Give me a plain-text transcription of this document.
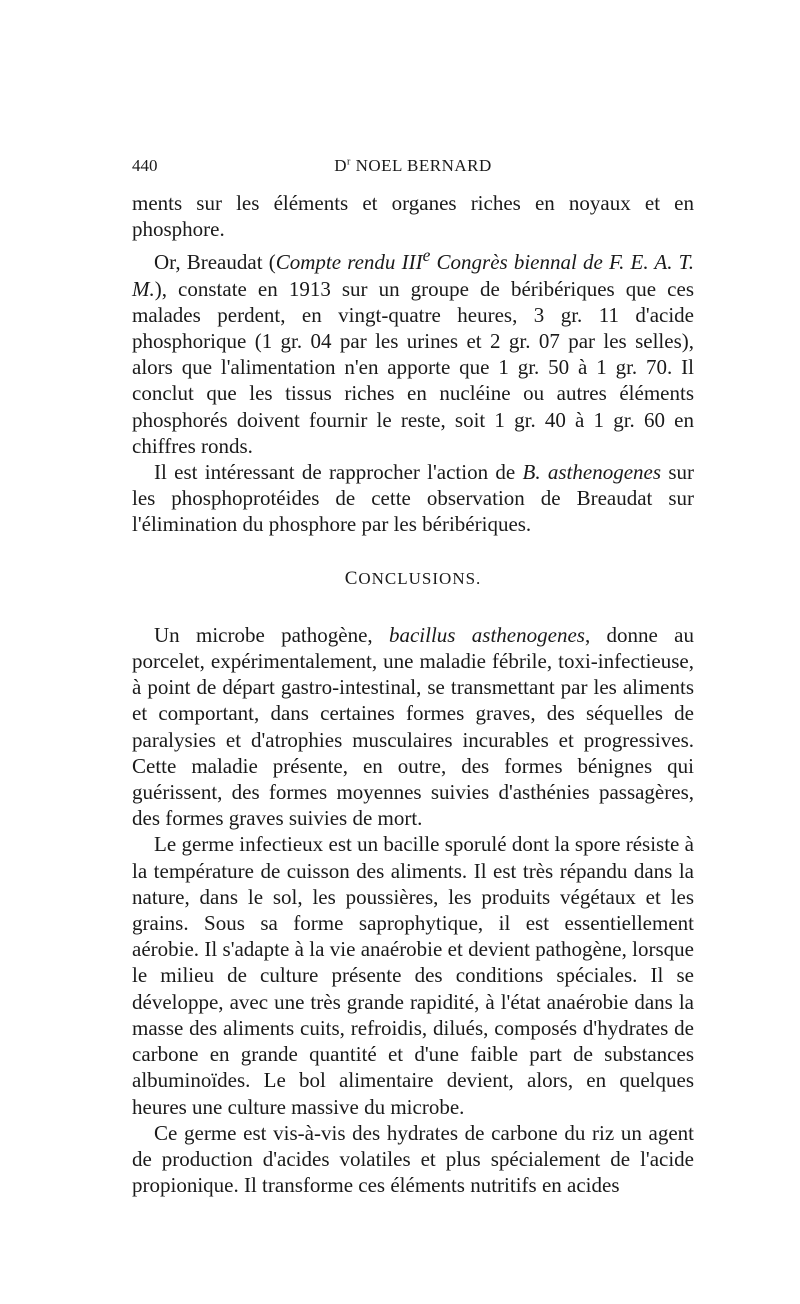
440	$D^r$ NOEL BERNARD

ments sur les éléments et organes riches en noyaux et en phosphore.

Or, Breaudat (Compte rendu IIIe Congrès biennal de F. E. A. T. M.), constate en 1913 sur un groupe de béribériques que ces malades perdent, en vingt-quatre heures, 3 gr. 11 d'acide phosphorique (1 gr. 04 par les urines et 2 gr. 07 par les selles), alors que l'alimentation n'en apporte que 1 gr. 50 à 1 gr. 70. Il conclut que les tissus riches en nucléine ou autres éléments phosphorés doivent fournir le reste, soit 1 gr. 40 à 1 gr. 60 en chiffres ronds.

Il est intéressant de rapprocher l'action de B. asthenogenes sur les phosphoprotéides de cette observation de Breaudat sur l'élimination du phosphore par les béribériques.

CONCLUSIONS.

Un microbe pathogène, bacillus asthenogenes, donne au porcelet, expérimentalement, une maladie fébrile, toxi-infectieuse, à point de départ gastro-intestinal, se transmettant par les aliments et comportant, dans certaines formes graves, des séquelles de paralysies et d'atrophies musculaires incurables et progressives. Cette maladie présente, en outre, des formes bénignes qui guérissent, des formes moyennes suivies d'asthénies passagères, des formes graves suivies de mort.

Le germe infectieux est un bacille sporulé dont la spore résiste à la température de cuisson des aliments. Il est très répandu dans la nature, dans le sol, les poussières, les produits végétaux et les grains. Sous sa forme saprophytique, il est essentiellement aérobie. Il s'adapte à la vie anaérobie et devient pathogène, lorsque le milieu de culture présente des conditions spéciales. Il se développe, avec une très grande rapidité, à l'état anaérobie dans la masse des aliments cuits, refroidis, dilués, composés d'hydrates de carbone en grande quantité et d'une faible part de substances albuminoïdes. Le bol alimentaire devient, alors, en quelques heures une culture massive du microbe.

Ce germe est vis-à-vis des hydrates de carbone du riz un agent de production d'acides volatiles et plus spécialement de l'acide propionique. Il transforme ces éléments nutritifs en acides
